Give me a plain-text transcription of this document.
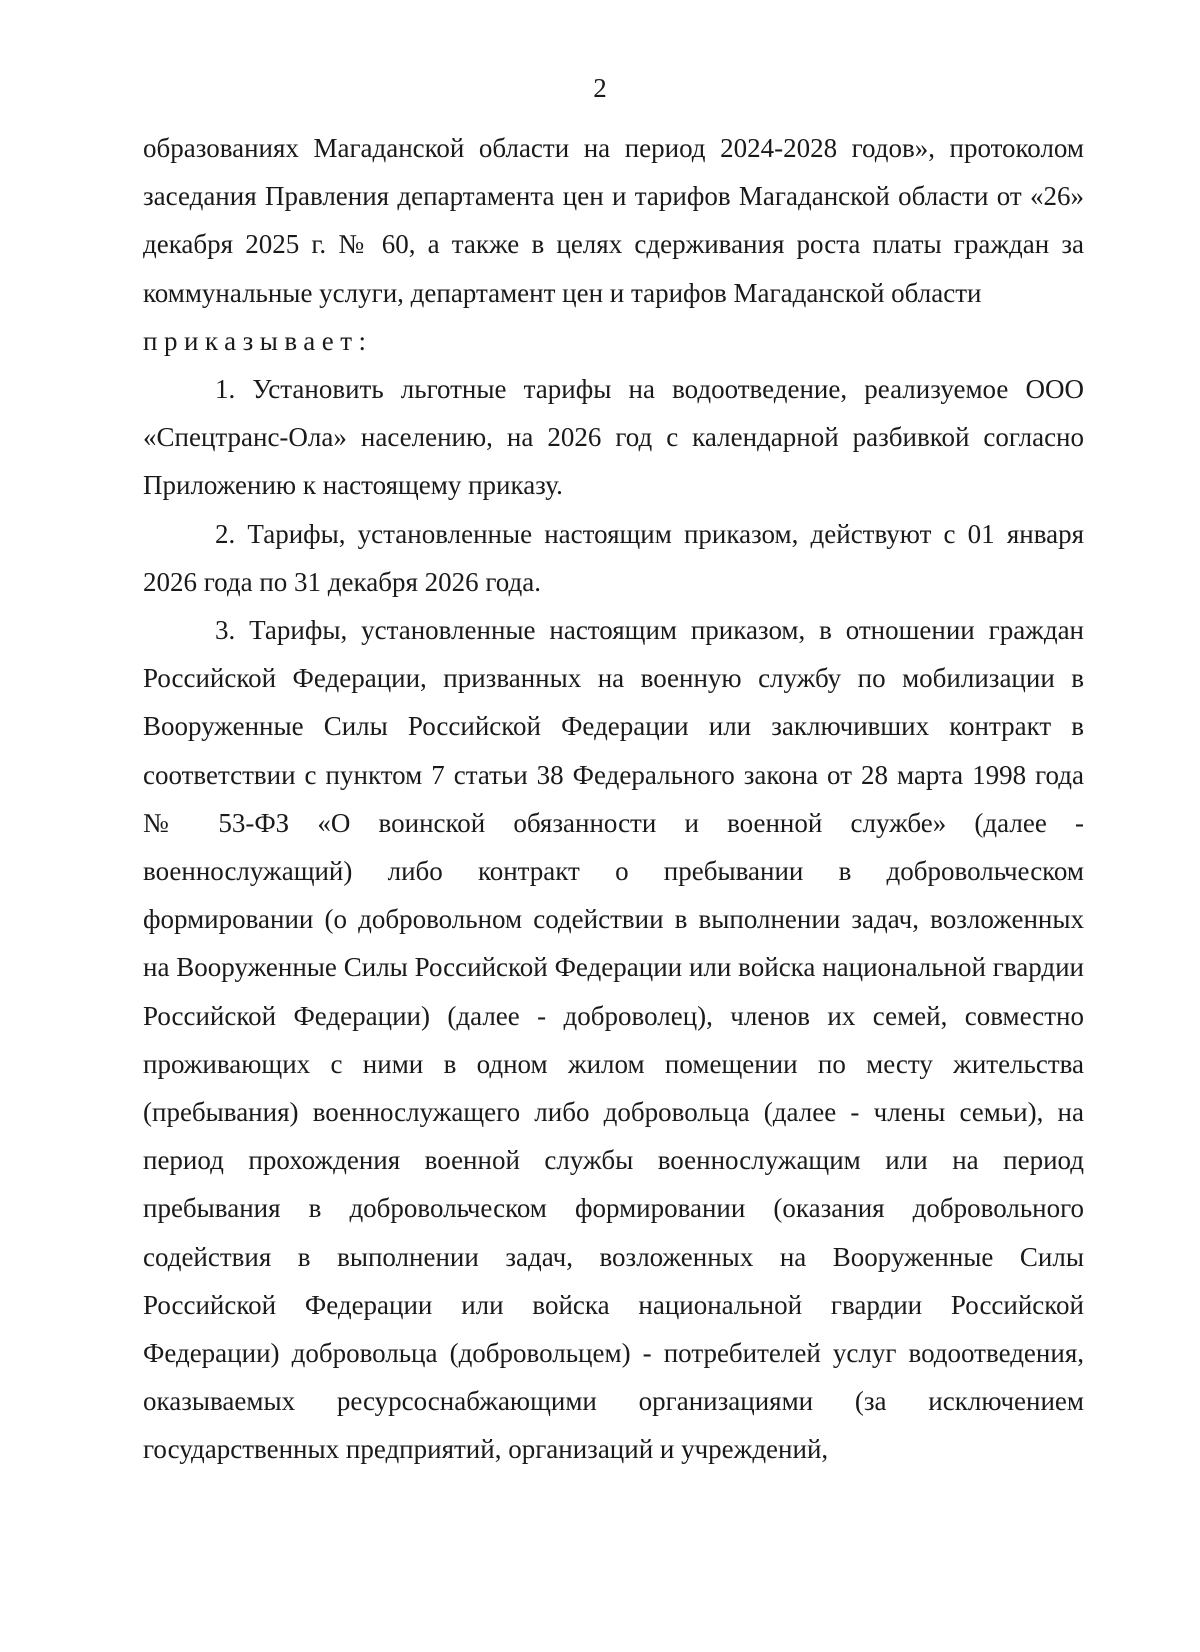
2

образованиях Магаданской области на период 2024-2028 годов», протоколом заседания Правления департамента цен и тарифов Магаданской области от «26» декабря 2025 г. № 60, а также в целях сдерживания роста платы граждан за коммунальные услуги, департамент цен и тарифов Магаданской области

приказывает:

1. Установить льготные тарифы на водоотведение, реализуемое ООО «Спецтранс-Ола» населению, на 2026 год с календарной разбивкой согласно Приложению к настоящему приказу.

2. Тарифы, установленные настоящим приказом, действуют с 01 января 2026 года по 31 декабря 2026 года.

3. Тарифы, установленные настоящим приказом, в отношении граждан Российской Федерации, призванных на военную службу по мобилизации в Вооруженные Силы Российской Федерации или заключивших контракт в соответствии с пунктом 7 статьи 38 Федерального закона от 28 марта 1998 года № 53-ФЗ «О воинской обязанности и военной службе» (далее - военнослужащий) либо контракт о пребывании в добровольческом формировании (о добровольном содействии в выполнении задач, возложенных на Вооруженные Силы Российской Федерации или войска национальной гвардии Российской Федерации) (далее - доброволец), членов их семей, совместно проживающих с ними в одном жилом помещении по месту жительства (пребывания) военнослужащего либо добровольца (далее - члены семьи), на период прохождения военной службы военнослужащим или на период пребывания в добровольческом формировании (оказания добровольного содействия в выполнении задач, возложенных на Вооруженные Силы Российской Федерации или войска национальной гвардии Российской Федерации) добровольца (добровольцем) - потребителей услуг водоотведения, оказываемых ресурсоснабжающими организациями (за исключением государственных предприятий, организаций и учреждений,
